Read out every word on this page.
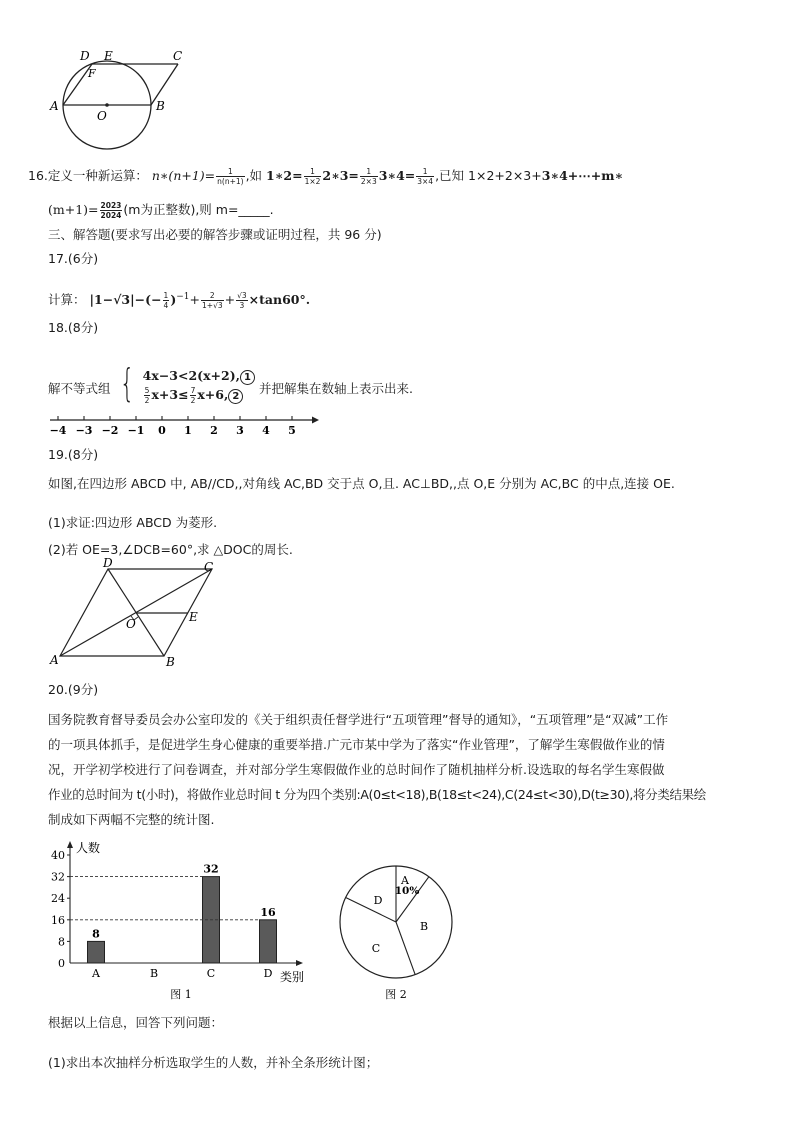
D E	C
F
A
O
B
16.定义一种新运算： n∗(n+1)= $\frac{1}{n(n+1)}$ ,如 1∗2= $\frac{1}{1\times 2}$ 2∗3= $\frac{1}{2\times 3}$ 3∗4= $\frac{1}{3\times 4}$ ,已知 1×2+2×3+3∗4+⋯+m∗
$(m+1)= \frac{2023}{2024} (m$为正整数),则 m=_____.
三、解答题(要求写出必要的解答步骤或证明过程，共 96 分)
17.(6分)
计算： $|1-√3|-(- \frac{1}{4} )^{-1}+ \frac{2}{1+√3} + \frac{√3}{3} \times\tan 60^\circ$.
18.(8分)
解不等式组 { 4x−3<2(x+2), 1
$\frac{5}{2} x+3\le \frac{7}{2} x+6$, 2
并把解集在数轴上表示出来.
−4 −3 −2 −1 0 1 2 3 4 5
19.(8分)
如图,在四边形 ABCD 中, AB//CD,,对角线 AC,BD 交于点 O,且. AC⊥BD,,点 O,E 分别为 AC,BC 的中点,连接 OE.
(1)求证:四边形 ABCD 为菱形.
(2)若 OE=3,∠DCB=60°,求 △DOC的周长.
D	C
E
O
A	B
20.(9分)
国务院教育督导委员会办公室印发的《关于组织责任督学进行“五项管理”督导的通知》，“五项管理”是“双减”工作
的一项具体抓手，是促进学生身心健康的重要举措.广元市某中学为了落实“作业管理”，了解学生寒假做作业的情
况，开学初学校进行了问卷调查，并对部分学生寒假做作业的总时间作了随机抽样分析.设选取的每名学生寒假做
作业的总时间为 t(小时)，将做作业总时间 t 分为四个类别:A(0≤t<18),B(18≤t<24),C(24≤t<30),D(t≥30),将分类结果绘
制成如下两幅不完整的统计图.
人数
类别
0
8
16
24
32
40
A
8
B	C
32
D
16
图 1
A
B
C
D
10%
图 2
根据以上信息，回答下列问题：
(1)求出本次抽样分析选取学生的人数，并补全条形统计图；
